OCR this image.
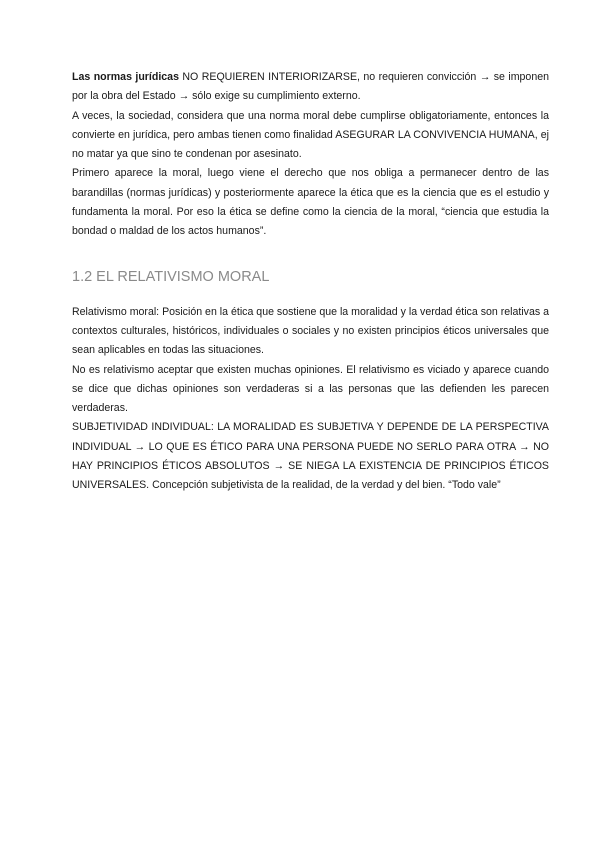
Las normas jurídicas NO REQUIEREN INTERIORIZARSE, no requieren convicción → se imponen por la obra del Estado → sólo exige su cumplimiento externo.

A veces, la sociedad, considera que una norma moral debe cumplirse obligatoriamente, entonces la convierte en jurídica, pero ambas tienen como finalidad ASEGURAR LA CONVIVENCIA HUMANA, ej no matar ya que sino te condenan por asesinato.

Primero aparece la moral, luego viene el derecho que nos obliga a permanecer dentro de las barandillas (normas jurídicas) y posteriormente aparece la ética que es la ciencia que es el estudio y fundamenta la moral. Por eso la ética se define como la ciencia de la moral, “ciencia que estudia la bondad o maldad de los actos humanos”.

1.2 EL RELATIVISMO MORAL

Relativismo moral: Posición en la ética que sostiene que la moralidad y la verdad ética son relativas a contextos culturales, históricos, individuales o sociales y no existen principios éticos universales que sean aplicables en todas las situaciones.

No es relativismo aceptar que existen muchas opiniones. El relativismo es viciado y aparece cuando se dice que dichas opiniones son verdaderas si a las personas que las defienden les parecen verdaderas.

SUBJETIVIDAD INDIVIDUAL: LA MORALIDAD ES SUBJETIVA Y DEPENDE DE LA PERSPECTIVA INDIVIDUAL → LO QUE ES ÉTICO PARA UNA PERSONA PUEDE NO SERLO PARA OTRA → NO HAY PRINCIPIOS ÉTICOS ABSOLUTOS → SE NIEGA LA EXISTENCIA DE PRINCIPIOS ÉTICOS UNIVERSALES. Concepción subjetivista de la realidad, de la verdad y del bien. “Todo vale”
